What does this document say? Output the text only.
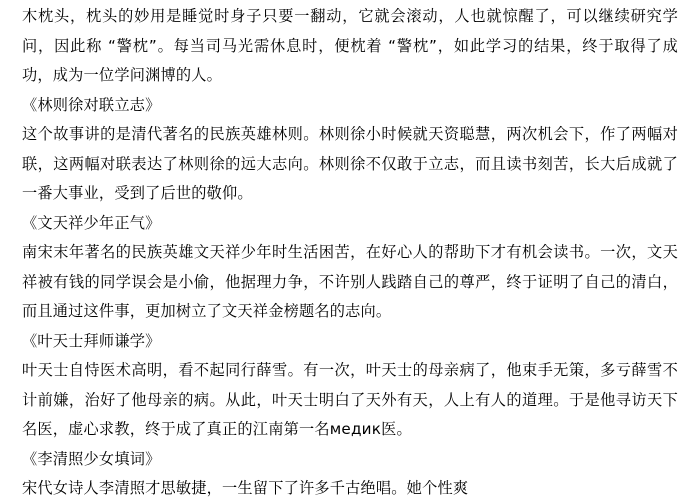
木枕头，枕头的妙用是睡觉时身子只要一翻动，它就会滚动，人也就惊醒了，可以继续研究学问，因此称 “警枕”。每当司马光需休息时，便枕着 “警枕”，如此学习的结果，终于取得了成功，成为一位学问渊博的人。

《林则徐对联立志》

这个故事讲的是清代著名的民族英雄林则。林则徐小时候就天资聪慧，两次机会下，作了两幅对联，这两幅对联表达了林则徐的远大志向。林则徐不仅敢于立志，而且读书刻苦，长大后成就了一番大事业，受到了后世的敬仰。

《文天祥少年正气》

南宋末年著名的民族英雄文天祥少年时生活困苦，在好心人的帮助下才有机会读书。一次，文天祥被有钱的同学误会是小偷，他据理力争，不许别人践踏自己的尊严，终于证明了自己的清白，而且通过这件事，更加树立了文天祥金榜题名的志向。

《叶天士拜师谦学》

叶天士自恃医术高明，看不起同行薛雪。有一次，叶天士的母亲病了，他束手无策，多亏薛雪不计前嫌，治好了他母亲的病。从此，叶天士明白了天外有天，人上有人的道理。于是他寻访天下名医，虚心求教，终于成了真正的江南第一名медик医。

《李清照少女填词》

宋代女诗人李清照才思敏捷，一生留下了许多千古绝唱。她个性爽
